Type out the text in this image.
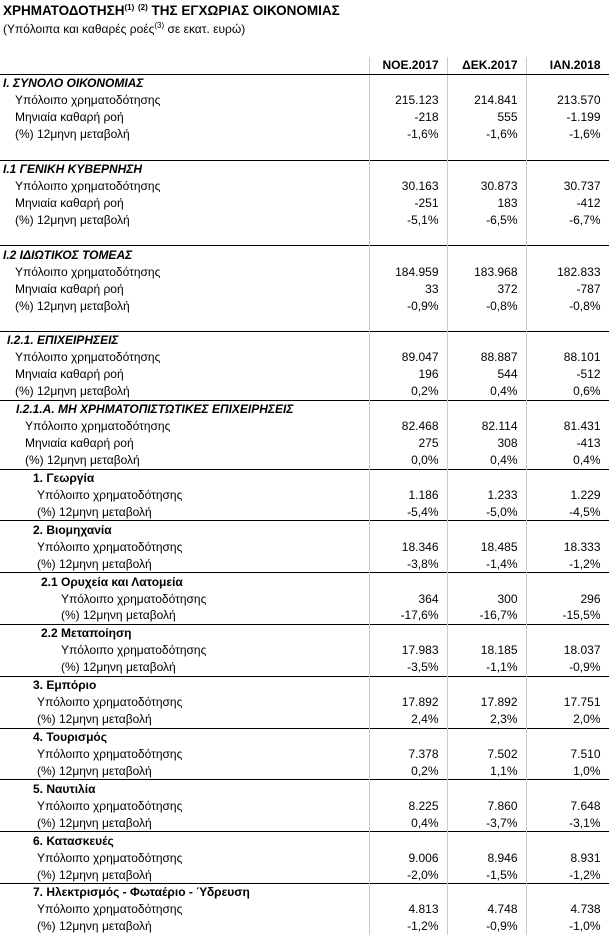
ΧΡΗΜΑΤΟΔΟΤΗΣΗ$^{(1)}$ $^{(2)}$ ΤΗΣ ΕΓΧΩΡΙΑΣ ΟΙΚΟΝΟΜΙΑΣ
(Υπόλοιπα και καθαρές ροές$^{(3)}$ σε εκατ. ευρώ)
	ΝΟΕ.2017	ΔΕΚ.2017	ΙΑΝ.2018
I. ΣΥΝΟΛΟ ΟΙΚΟΝΟΜΙΑΣ			
Υπόλοιπο χρηματοδότησης	215.123	214.841	213.570
Μηνιαία καθαρή ροή	-218	555	-1.199
(%) 12μηνη μεταβολή	-1,6%	-1,6%	-1,6%

I.1 ΓΕΝΙΚΗ ΚΥΒΕΡΝΗΣΗ			
Υπόλοιπο χρηματοδότησης	30.163	30.873	30.737
Μηνιαία καθαρή ροή	-251	183	-412
(%) 12μηνη μεταβολή	-5,1%	-6,5%	-6,7%

I.2 ΙΔΙΩΤΙΚΟΣ ΤΟΜΕΑΣ			
Υπόλοιπο χρηματοδότησης	184.959	183.968	182.833
Μηνιαία καθαρή ροή	33	372	-787
(%) 12μηνη μεταβολή	-0,9%	-0,8%	-0,8%

I.2.1. ΕΠΙΧΕΙΡΗΣΕΙΣ			
Υπόλοιπο χρηματοδότησης	89.047	88.887	88.101
Μηνιαία καθαρή ροή	196	544	-512
(%) 12μηνη μεταβολή	0,2%	0,4%	0,6%
I.2.1.Α. ΜΗ ΧΡΗΜΑΤΟΠΙΣΤΩΤΙΚΕΣ ΕΠΙΧΕΙΡΗΣΕΙΣ			
Υπόλοιπο χρηματοδότησης	82.468	82.114	81.431
Μηνιαία καθαρή ροή	275	308	-413
(%) 12μηνη μεταβολή	0,0%	0,4%	0,4%
1. Γεωργία			
Υπόλοιπο χρηματοδότησης	1.186	1.233	1.229
(%) 12μηνη μεταβολή	-5,4%	-5,0%	-4,5%
2. Βιομηχανία			
Υπόλοιπο χρηματοδότησης	18.346	18.485	18.333
(%) 12μηνη μεταβολή	-3,8%	-1,4%	-1,2%
2.1 Ορυχεία και Λατομεία			
Υπόλοιπο χρηματοδότησης	364	300	296
(%) 12μηνη μεταβολή	-17,6%	-16,7%	-15,5%
2.2 Μεταποίηση			
Υπόλοιπο χρηματοδότησης	17.983	18.185	18.037
(%) 12μηνη μεταβολή	-3,5%	-1,1%	-0,9%
3. Εμπόριο			
Υπόλοιπο χρηματοδότησης	17.892	17.892	17.751
(%) 12μηνη μεταβολή	2,4%	2,3%	2,0%
4. Τουρισμός			
Υπόλοιπο χρηματοδότησης	7.378	7.502	7.510
(%) 12μηνη μεταβολή	0,2%	1,1%	1,0%
5. Ναυτιλία			
Υπόλοιπο χρηματοδότησης	8.225	7.860	7.648
(%) 12μηνη μεταβολή	0,4%	-3,7%	-3,1%
6. Κατασκευές			
Υπόλοιπο χρηματοδότησης	9.006	8.946	8.931
(%) 12μηνη μεταβολή	-2,0%	-1,5%	-1,2%
7. Ηλεκτρισμός - Φωταέριο - Ύδρευση			
Υπόλοιπο χρηματοδότησης	4.813	4.748	4.738
(%) 12μηνη μεταβολή	-1,2%	-0,9%	-1,0%
